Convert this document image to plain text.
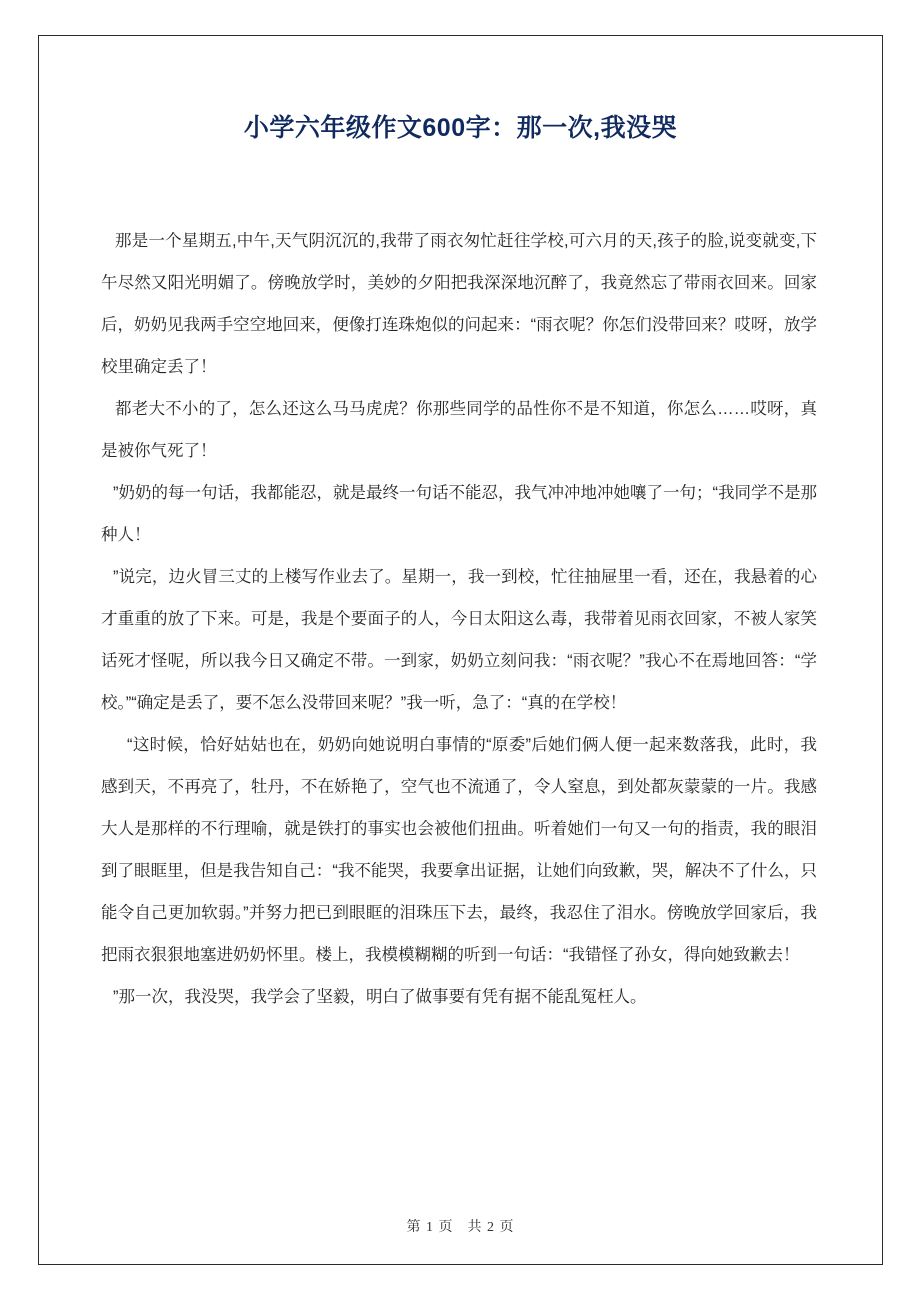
小学六年级作文600字：那一次,我没哭

那是一个星期五,中午,天气阴沉沉的,我带了雨衣匆忙赶往学校,可六月的天,孩子的脸,说变就变,下午尽然又阳光明媚了。傍晚放学时，美妙的夕阳把我深深地沉醉了，我竟然忘了带雨衣回来。回家后，奶奶见我两手空空地回来，便像打连珠炮似的问起来：“雨衣呢？你怎们没带回来？哎呀，放学校里确定丢了！

都老大不小的了，怎么还这么马马虎虎？你那些同学的品性你不是不知道，你怎么……哎呀，真是被你气死了！

”奶奶的每一句话，我都能忍，就是最终一句话不能忍，我气冲冲地冲她嚷了一句；“我同学不是那种人！

”说完，边火冒三丈的上楼写作业去了。星期一，我一到校，忙往抽屉里一看，还在，我悬着的心才重重的放了下来。可是，我是个要面子的人，今日太阳这么毒，我带着见雨衣回家，不被人家笑话死才怪呢，所以我今日又确定不带。一到家，奶奶立刻问我：“雨衣呢？”我心不在焉地回答：“学校。”“确定是丢了，要不怎么没带回来呢？”我一听，急了：“真的在学校！

“这时候，恰好姑姑也在，奶奶向她说明白事情的“原委”后她们俩人便一起来数落我，此时，我感到天，不再亮了，牡丹，不在娇艳了，空气也不流通了，令人窒息，到处都灰蒙蒙的一片。我感大人是那样的不行理喻，就是铁打的事实也会被他们扭曲。听着她们一句又一句的指责，我的眼泪到了眼眶里，但是我告知自己：“我不能哭，我要拿出证据，让她们向致歉，哭，解决不了什么，只能令自己更加软弱。”并努力把已到眼眶的泪珠压下去，最终，我忍住了泪水。傍晚放学回家后，我把雨衣狠狠地塞进奶奶怀里。楼上，我模模糊糊的听到一句话：“我错怪了孙女，得向她致歉去！

”那一次，我没哭，我学会了坚毅，明白了做事要有凭有据不能乱冤枉人。

第 1 页 共 2 页
